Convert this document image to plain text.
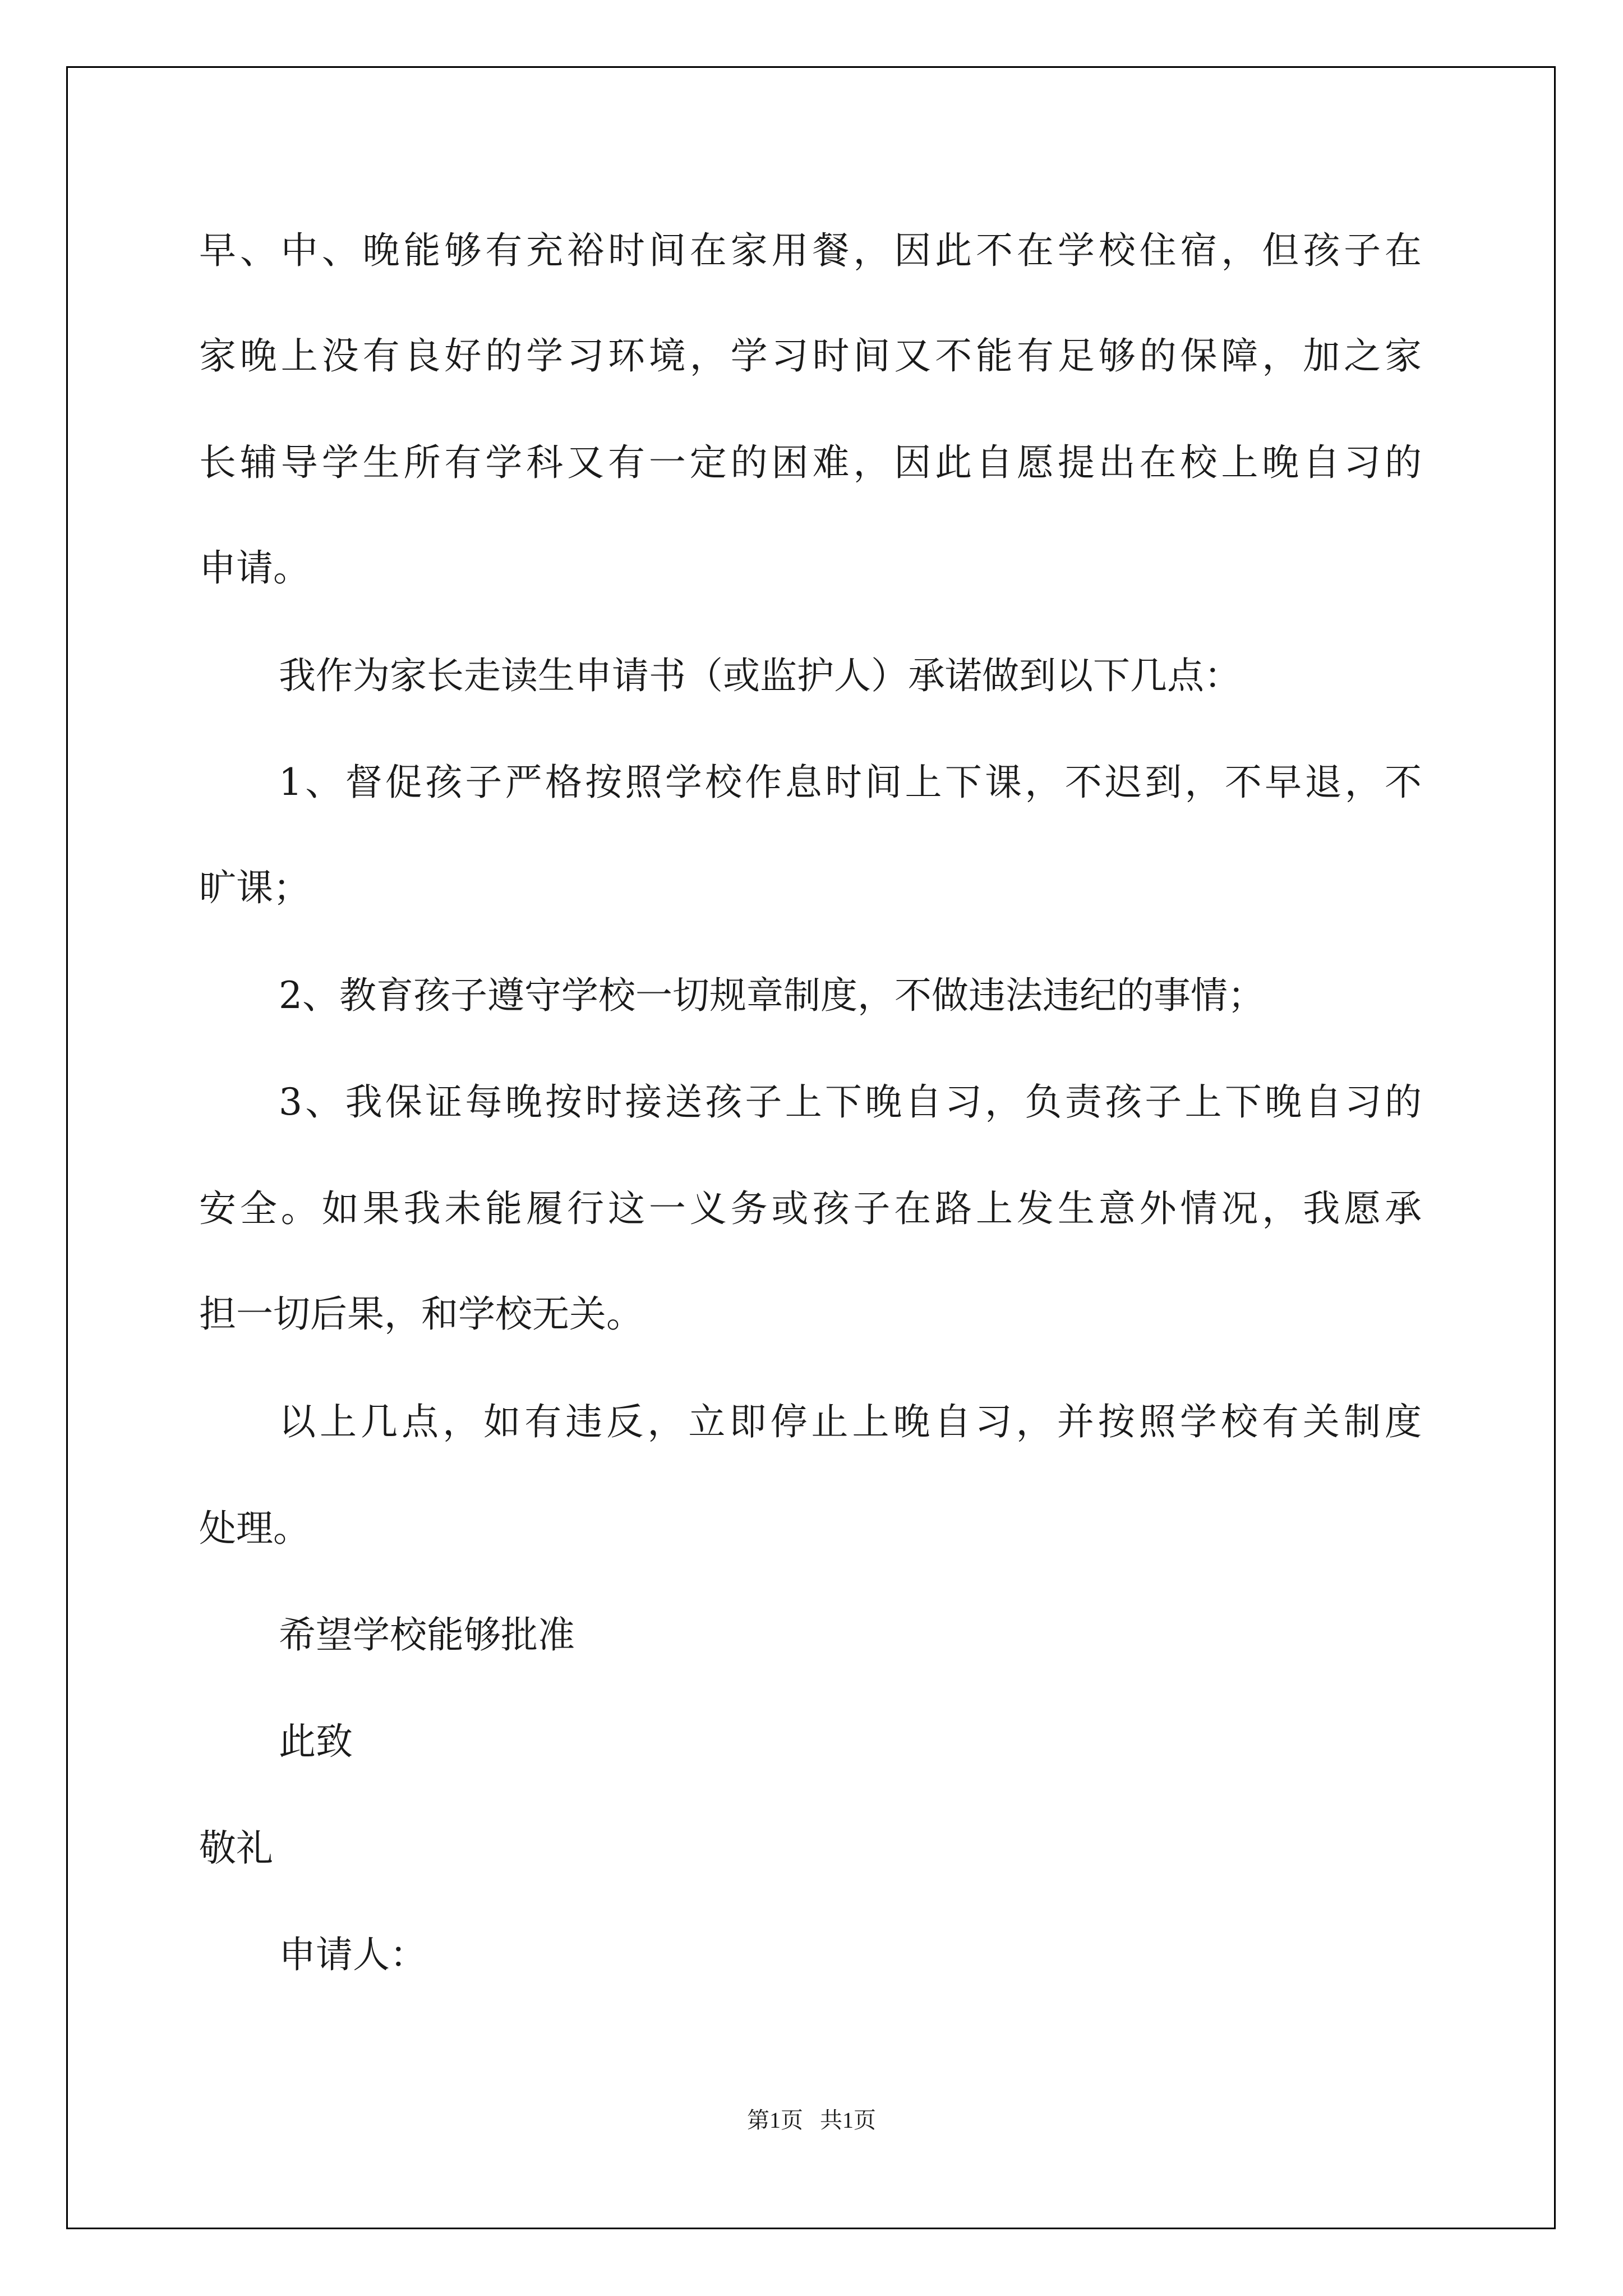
早、中、晚能够有充裕时间在家用餐，因此不在学校住宿，但孩子在
家晚上没有良好的学习环境，学习时间又不能有足够的保障，加之家
长辅导学生所有学科又有一定的困难，因此自愿提出在校上晚自习的
申请。
我作为家长走读生申请书（或监护人）承诺做到以下几点：
1、督促孩子严格按照学校作息时间上下课，不迟到，不早退，不
旷课；
2、教育孩子遵守学校一切规章制度，不做违法违纪的事情；
3、我保证每晚按时接送孩子上下晚自习，负责孩子上下晚自习的
安全。如果我未能履行这一义务或孩子在路上发生意外情况，我愿承
担一切后果，和学校无关。
以上几点，如有违反，立即停止上晚自习，并按照学校有关制度
处理。
希望学校能够批准
此致
敬礼
申请人：
第1页   共1页
